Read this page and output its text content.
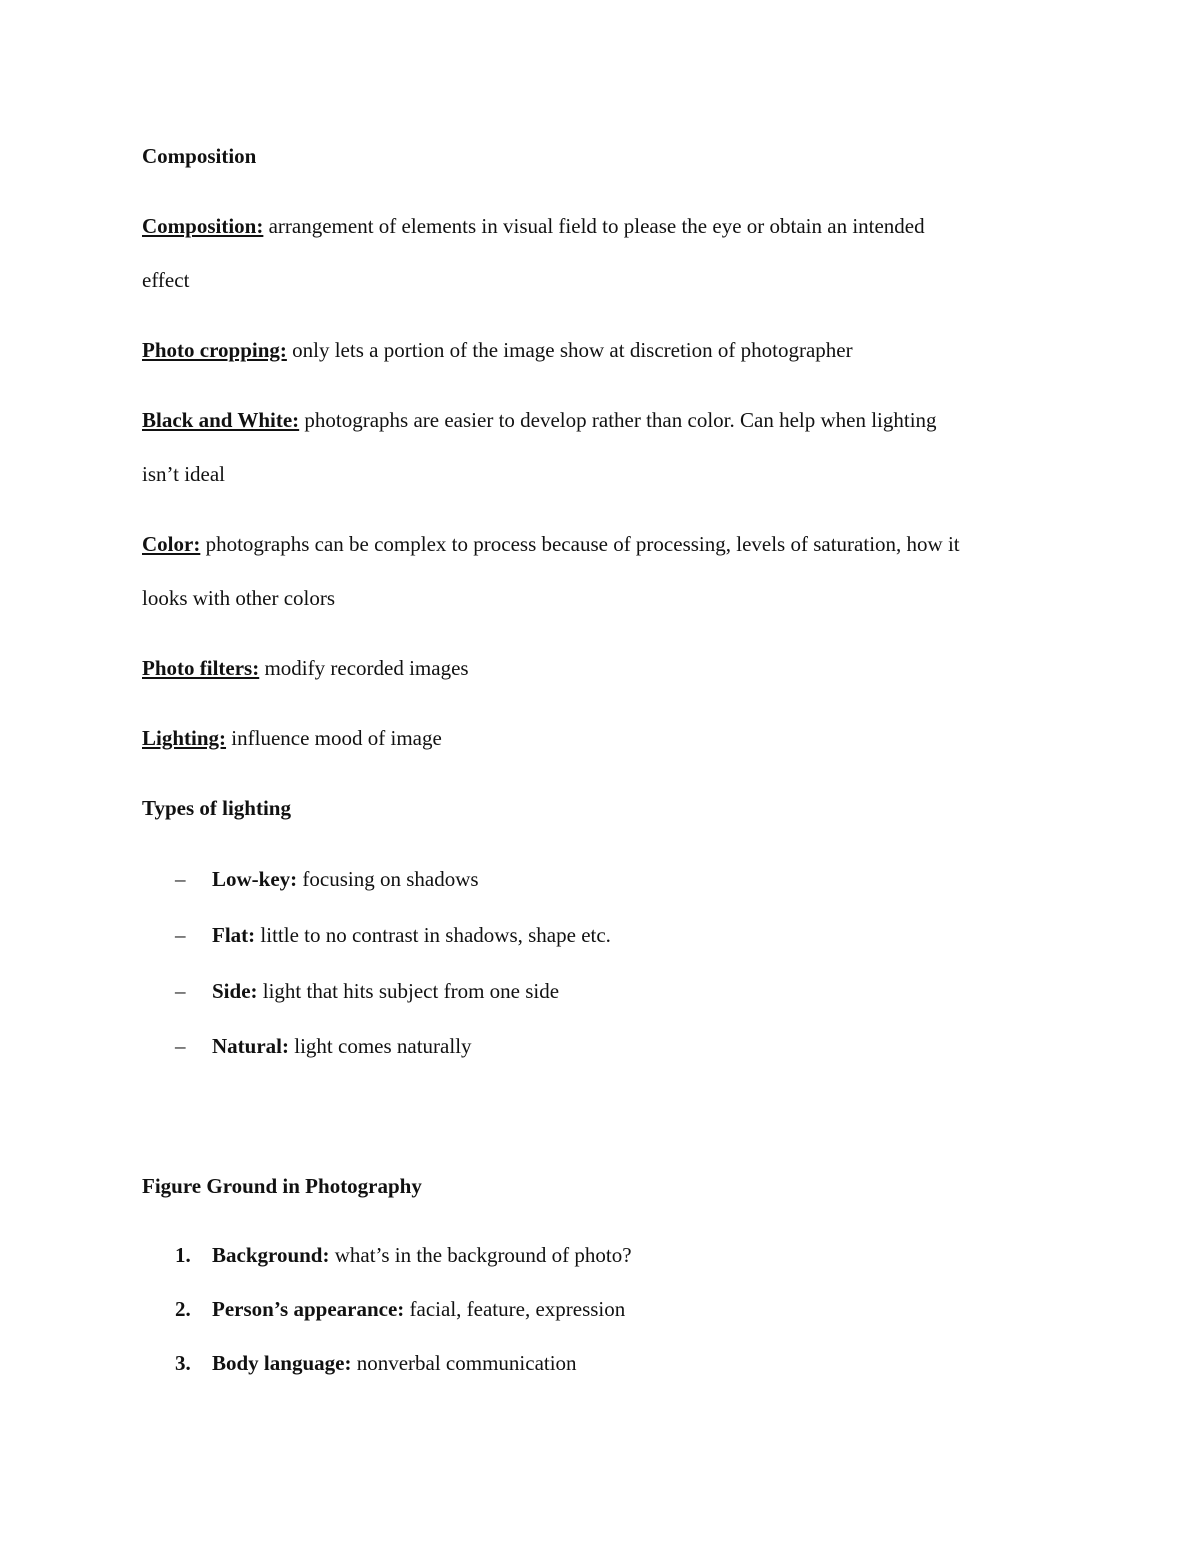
Composition
Composition: arrangement of elements in visual field to please the eye or obtain an intended
effect
Photo cropping: only lets a portion of the image show at discretion of photographer
Black and White: photographs are easier to develop rather than color. Can help when lighting
isn’t ideal
Color: photographs can be complex to process because of processing, levels of saturation, how it
looks with other colors
Photo filters: modify recorded images
Lighting: influence mood of image
Types of lighting
– Low-key: focusing on shadows
– Flat: little to no contrast in shadows, shape etc.
– Side: light that hits subject from one side
– Natural: light comes naturally
Figure Ground in Photography
1. Background: what’s in the background of photo?
2. Person’s appearance: facial, feature, expression
3. Body language: nonverbal communication
